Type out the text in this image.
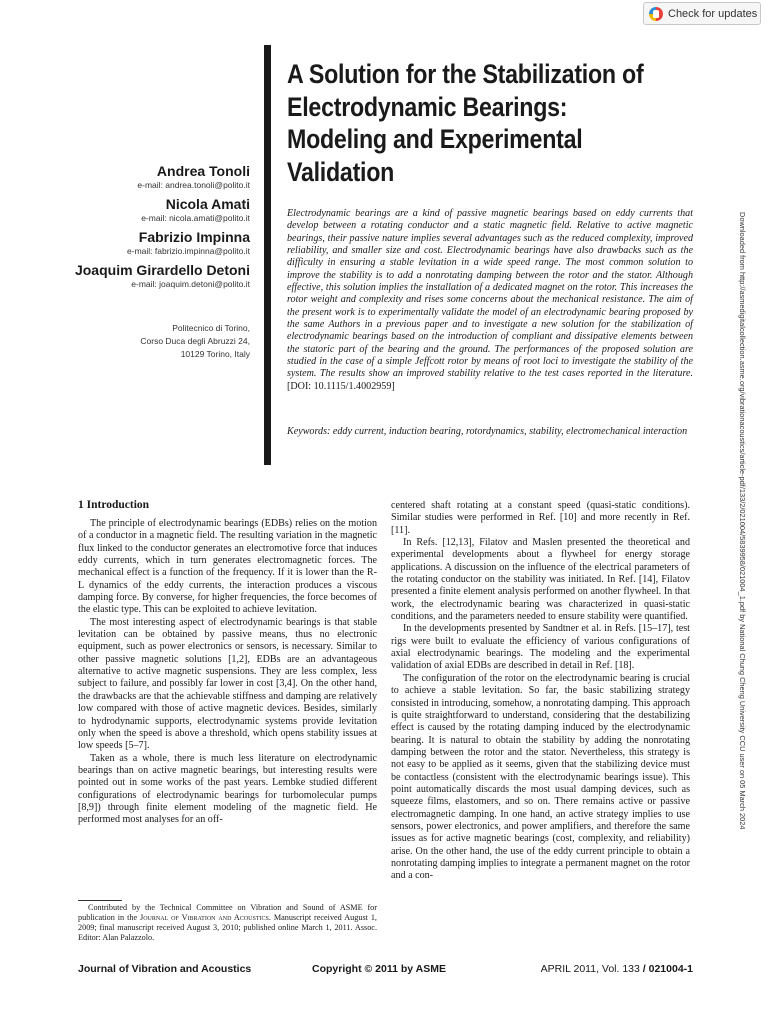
Check for updates
A Solution for the Stabilization of Electrodynamic Bearings: Modeling and Experimental Validation
Andrea Tonoli
e-mail: andrea.tonoli@polito.it
Nicola Amati
e-mail: nicola.amati@polito.it
Fabrizio Impinna
e-mail: fabrizio.impinna@polito.it
Joaquim Girardello Detoni
e-mail: joaquim.detoni@polito.it
Politecnico di Torino,
Corso Duca degli Abruzzi 24,
10129 Torino, Italy

Electrodynamic bearings are a kind of passive magnetic bearings based on eddy currents that develop between a rotating conductor and a static magnetic field. Relative to active magnetic bearings, their passive nature implies several advantages such as the reduced complexity, improved reliability, and smaller size and cost. Electrodynamic bearings have also drawbacks such as the difficulty in ensuring a stable levitation in a wide speed range. The most common solution to improve the stability is to add a nonrotating damping between the rotor and the stator. Although effective, this solution implies the installation of a dedicated magnet on the rotor. This increases the rotor weight and complexity and rises some concerns about the mechanical resistance. The aim of the present work is to experimentally validate the model of an electrodynamic bearing proposed by the same Authors in a previous paper and to investigate a new solution for the stabilization of electrodynamic bearings based on the introduction of compliant and dissipative elements between the statoric part of the bearing and the ground. The performances of the proposed solution are studied in the case of a simple Jeffcott rotor by means of root loci to investigate the stability of the system. The results show an improved stability relative to the test cases reported in the literature. [DOI: 10.1115/1.4002959]

Keywords: eddy current, induction bearing, rotordynamics, stability, electromechanical interaction	Downloaded from http://asmedigitalcollection.asme.org/vibrationacoustics/article-pdf/133/2/021004/5839958/021004_1.pdf by National Chung Cheng University CCU user on 05 March 2024
1 Introduction

The principle of electrodynamic bearings (EDBs) relies on the motion of a conductor in a magnetic field. The resulting variation in the magnetic flux linked to the conductor generates an electromotive force that induces eddy currents, which in turn generates electromagnetic forces. The mechanical effect is a function of the frequency. If it is lower than the R-L dynamics of the eddy currents, the interaction produces a viscous damping force. By converse, for higher frequencies, the force becomes of the elastic type. This can be exploited to achieve levitation.

The most interesting aspect of electrodynamic bearings is that stable levitation can be obtained by passive means, thus no electronic equipment, such as power electronics or sensors, is necessary. Similar to other passive magnetic solutions [1,2], EDBs are an advantageous alternative to active magnetic suspensions. They are less complex, less subject to failure, and possibly far lower in cost [3,4]. On the other hand, the drawbacks are that the achievable stiffness and damping are relatively low compared with those of active magnetic devices. Besides, similarly to hydrodynamic supports, electrodynamic systems provide levitation only when the speed is above a threshold, which opens stability issues at low speeds [5–7].

Taken as a whole, there is much less literature on electrodynamic bearings than on active magnetic bearings, but interesting results were pointed out in some works of the past years. Lembke studied different configurations of electrodynamic bearings for turbomolecular pumps [8,9]) through finite element modeling of the magnetic field. He performed most analyses for an off-

centered shaft rotating at a constant speed (quasi-static conditions). Similar studies were performed in Ref. [10] and more recently in Ref. [11].

In Refs. [12,13], Filatov and Maslen presented the theoretical and experimental developments about a flywheel for energy storage applications. A discussion on the influence of the electrical parameters of the rotating conductor on the stability was initiated. In Ref. [14], Filatov presented a finite element analysis performed on another flywheel. In that work, the electrodynamic bearing was characterized in quasi-static conditions, and the parameters needed to ensure stability were quantified.

In the developments presented by Sandtner et al. in Refs. [15–17], test rigs were built to evaluate the efficiency of various configurations of axial electrodynamic bearings. The modeling and the experimental validation of axial EDBs are described in detail in Ref. [18].

The configuration of the rotor on the electrodynamic bearing is crucial to achieve a stable levitation. So far, the basic stabilizing strategy consisted in introducing, somehow, a nonrotating damping. This approach is quite straightforward to understand, considering that the destabilizing effect is caused by the rotating damping induced by the electrodynamic bearing. It is natural to obtain the stability by adding the nonrotating damping between the rotor and the stator. Nevertheless, this strategy is not easy to be applied as it seems, given that the stabilizing device must be contactless (consistent with the electrodynamic bearings issue). This point automatically discards the most usual damping devices, such as squeeze films, elastomers, and so on. There remains active or passive electromagnetic damping. In one hand, an active strategy implies to use sensors, power electronics, and power amplifiers, and therefore the same issues as for active magnetic bearings (cost, complexity, and reliability) arise. On the other hand, the use of the eddy current principle to obtain a nonrotating damping implies to integrate a permanent magnet on the rotor and a con-

Contributed by the Technical Committee on Vibration and Sound of ASME for publication in the Journal of Vibration and Acoustics. Manuscript received August 1, 2009; final manuscript received August 3, 2010; published online March 1, 2011. Assoc. Editor: Alan Palazzolo.

Journal of Vibration and Acoustics	Copyright © 2011 by ASME	APRIL 2011, Vol. 133 / 021004-1
